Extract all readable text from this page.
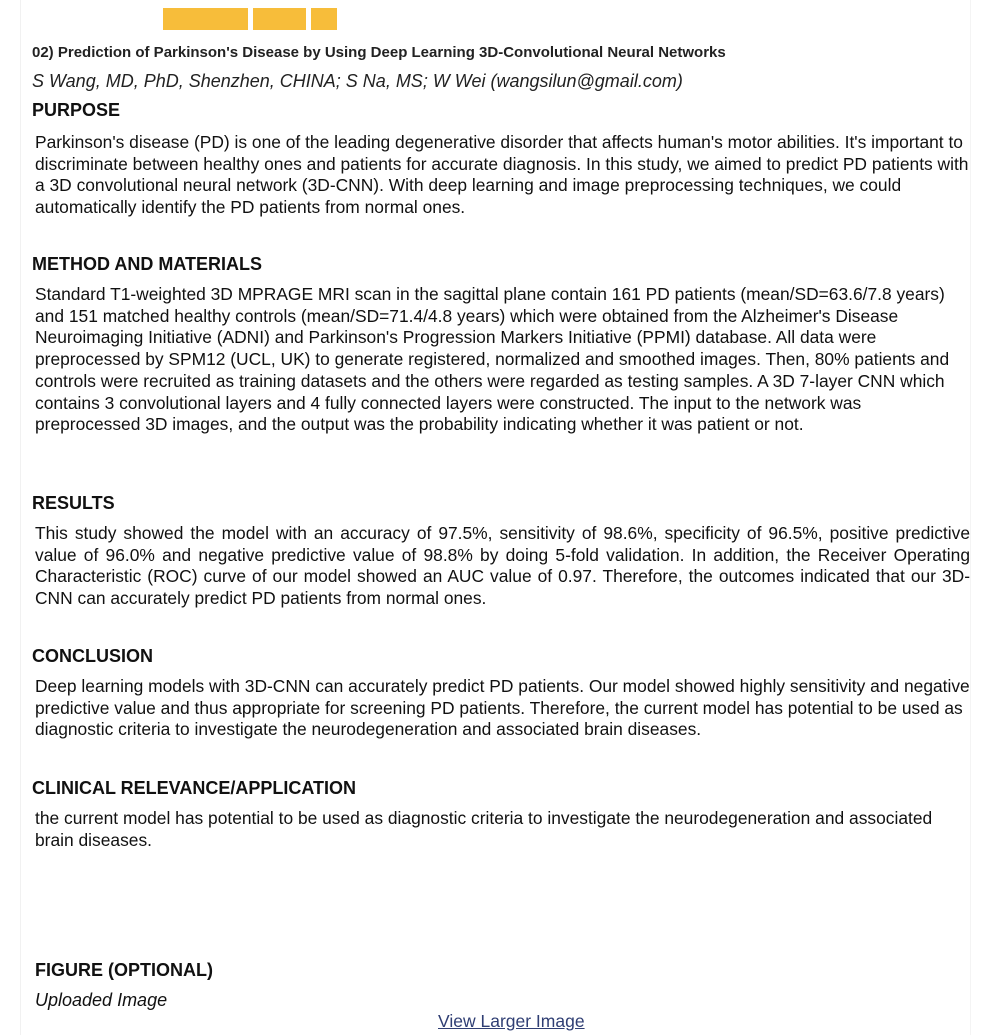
02) Prediction of Parkinson's Disease by Using Deep Learning 3D-Convolutional Neural Networks
S Wang, MD, PhD, Shenzhen, CHINA; S Na, MS; W Wei (wangsilun@gmail.com)
PURPOSE
Parkinson's disease (PD) is one of the leading degenerative disorder that affects human's motor abilities. It's important to discriminate between healthy ones and patients for accurate diagnosis. In this study, we aimed to predict PD patients with a 3D convolutional neural network (3D-CNN). With deep learning and image preprocessing techniques, we could automatically identify the PD patients from normal ones.
METHOD AND MATERIALS
Standard T1-weighted 3D MPRAGE MRI scan in the sagittal plane contain 161 PD patients (mean/SD=63.6/7.8 years) and 151 matched healthy controls (mean/SD=71.4/4.8 years) which were obtained from the Alzheimer's Disease Neuroimaging Initiative (ADNI) and Parkinson's Progression Markers Initiative (PPMI) database. All data were preprocessed by SPM12 (UCL, UK) to generate registered, normalized and smoothed images. Then, 80% patients and controls were recruited as training datasets and the others were regarded as testing samples. A 3D 7-layer CNN which contains 3 convolutional layers and 4 fully connected layers were constructed. The input to the network was preprocessed 3D images, and the output was the probability indicating whether it was patient or not.
RESULTS
This study showed the model with an accuracy of 97.5%, sensitivity of 98.6%, specificity of 96.5%, positive predictive value of 96.0% and negative predictive value of 98.8% by doing 5-fold validation. In addition, the Receiver Operating Characteristic (ROC) curve of our model showed an AUC value of 0.97. Therefore, the outcomes indicated that our 3D-CNN can accurately predict PD patients from normal ones.
CONCLUSION
Deep learning models with 3D-CNN can accurately predict PD patients. Our model showed highly sensitivity and negative predictive value and thus appropriate for screening PD patients. Therefore, the current model has potential to be used as diagnostic criteria to investigate the neurodegeneration and associated brain diseases.
CLINICAL RELEVANCE/APPLICATION
the current model has potential to be used as diagnostic criteria to investigate the neurodegeneration and associated brain diseases.
FIGURE (OPTIONAL)
Uploaded Image
View Larger Image
